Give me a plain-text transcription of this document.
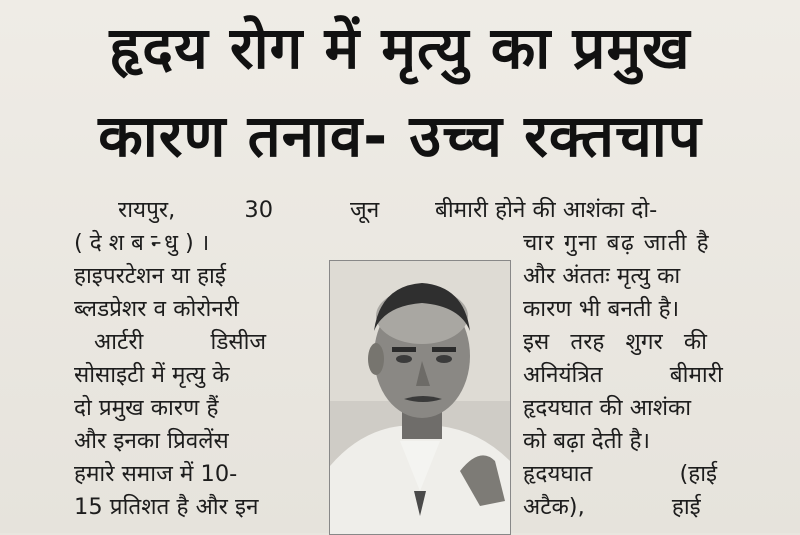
हृदय रोग में मृत्यु का प्रमुख
कारण तनाव- उच्च रक्तचाप
रायपुर,	30
(देशबन्धु)।
हाइपरटेशन या हाई
ब्लडप्रेशर व कोरोनरी
आर्टरी डिसीज
सोसाइटी में मृत्यु के
दो प्रमुख कारण हैं
और इनका प्रिवलेंस
हमारे समाज में 10-
15 प्रतिशत है और इन
जून बीमारी होने की आशंका दो-
चार गुना बढ़ जाती है
और अंततः मृत्यु का
कारण भी बनती है।
इस तरह शुगर की
अनियंत्रित बीमारी
हृदयघात की आशंका
को बढ़ा देती है।
हृदयघात (हाई
अटैक), हाई
